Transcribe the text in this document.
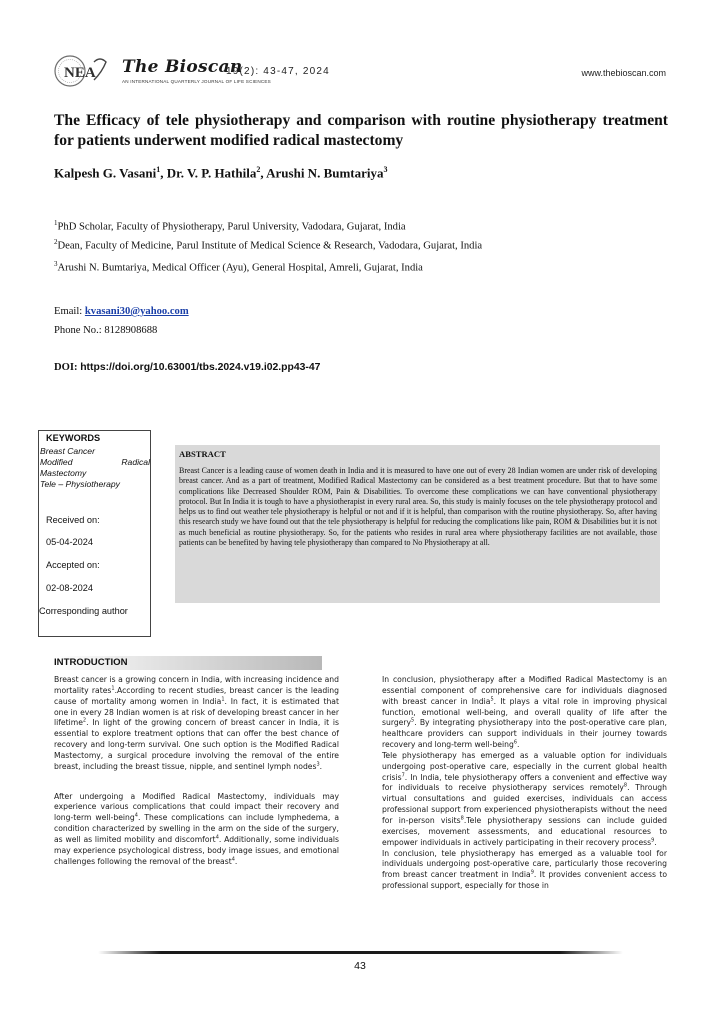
NEA The Bioscan
AN INTERNATIONAL QUARTERLY JOURNAL OF LIFE SCIENCES
19(2): 43-47, 2024	www.thebioscan.com
The Efficacy of tele physiotherapy and comparison with routine physiotherapy treatment for patients underwent modified radical mastectomy
Kalpesh G. Vasani$^1$, Dr. V. P. Hathila$^2$, Arushi N. Bumtariya$^3$
$^1$PhD Scholar, Faculty of Physiotherapy, Parul University, Vadodara, Gujarat, India
$^2$Dean, Faculty of Medicine, Parul Institute of Medical Science & Research, Vadodara, Gujarat, India
$^3$Arushi N. Bumtariya, Medical Officer (Ayu), General Hospital, Amreli, Gujarat, India
Email: kvasani30@yahoo.com
Phone No.: 8128908688
DOI: https://doi.org/10.63001/tbs.2024.v19.i02.pp43-47
KEYWORDS
Breast Cancer
Modified Radical
Mastectomy
Tele – Physiotherapy
Received on:
05-04-2024
Accepted on:
02-08-2024
Corresponding author
ABSTRACT
Breast Cancer is a leading cause of women death in India and it is measured to have one out of every 28 Indian women are under risk of developing breast cancer. And as a part of treatment, Modified Radical Mastectomy can be considered as a best treatment procedure. But that to have some complications like Decreased Shoulder ROM, Pain & Disabilities. To overcome these complications we can have conventional physiotherapy protocol. But In India it is tough to have a physiotherapist in every rural area. So, this study is mainly focuses on the tele physiotherapy protocol and helps us to find out weather tele physiotherapy is helpful or not and if it is helpful, than comparison with the routine physiotherapy. So, after having this research study we have found out that the tele physiotherapy is helpful for reducing the complications like pain, ROM & Disabilities but it is not as much beneficial as routine physiotherapy. So, for the patients who resides in rural area where physiotherapy facilities are not available, those patients can be benefited by having tele physiotherapy than compared to No Physiotherapy at all.
INTRODUCTION

Breast cancer is a growing concern in India, with increasing incidence and mortality rates$^1$.According to recent studies, breast cancer is the leading cause of mortality among women in India$^1$. In fact, it is estimated that one in every 28 Indian women is at risk of developing breast cancer in her lifetime$^2$. In light of the growing concern of breast cancer in India, it is essential to explore treatment options that can offer the best chance of recovery and long-term survival. One such option is the Modified Radical Mastectomy, a surgical procedure involving the removal of the entire breast, including the breast tissue, nipple, and sentinel lymph nodes$^3$.

After undergoing a Modified Radical Mastectomy, individuals may experience various complications that could impact their recovery and long-term well-being$^4$. These complications can include lymphedema, a condition characterized by swelling in the arm on the side of the surgery, as well as limited mobility and discomfort$^4$. Additionally, some individuals may experience psychological distress, body image issues, and emotional challenges following the removal of the breast$^4$.

In conclusion, physiotherapy after a Modified Radical Mastectomy is an essential component of comprehensive care for individuals diagnosed with breast cancer in India$^5$. It plays a vital role in improving physical function, emotional well-being, and overall quality of life after the surgery$^5$. By integrating physiotherapy into the post-operative care plan, healthcare providers can support individuals in their journey towards recovery and long-term well-being$^6$.

Tele physiotherapy has emerged as a valuable option for individuals undergoing post-operative care, especially in the current global health crisis$^7$. In India, tele physiotherapy offers a convenient and effective way for individuals to receive physiotherapy services remotely$^8$. Through virtual consultations and guided exercises, individuals can access professional support from experienced physiotherapists without the need for in-person visits$^8$.Tele physiotherapy sessions can include guided exercises, movement assessments, and educational resources to empower individuals in actively participating in their recovery process$^9$.

In conclusion, tele physiotherapy has emerged as a valuable tool for individuals undergoing post-operative care, particularly those recovering from breast cancer treatment in India$^9$. It provides convenient access to professional support, especially for those in

43
